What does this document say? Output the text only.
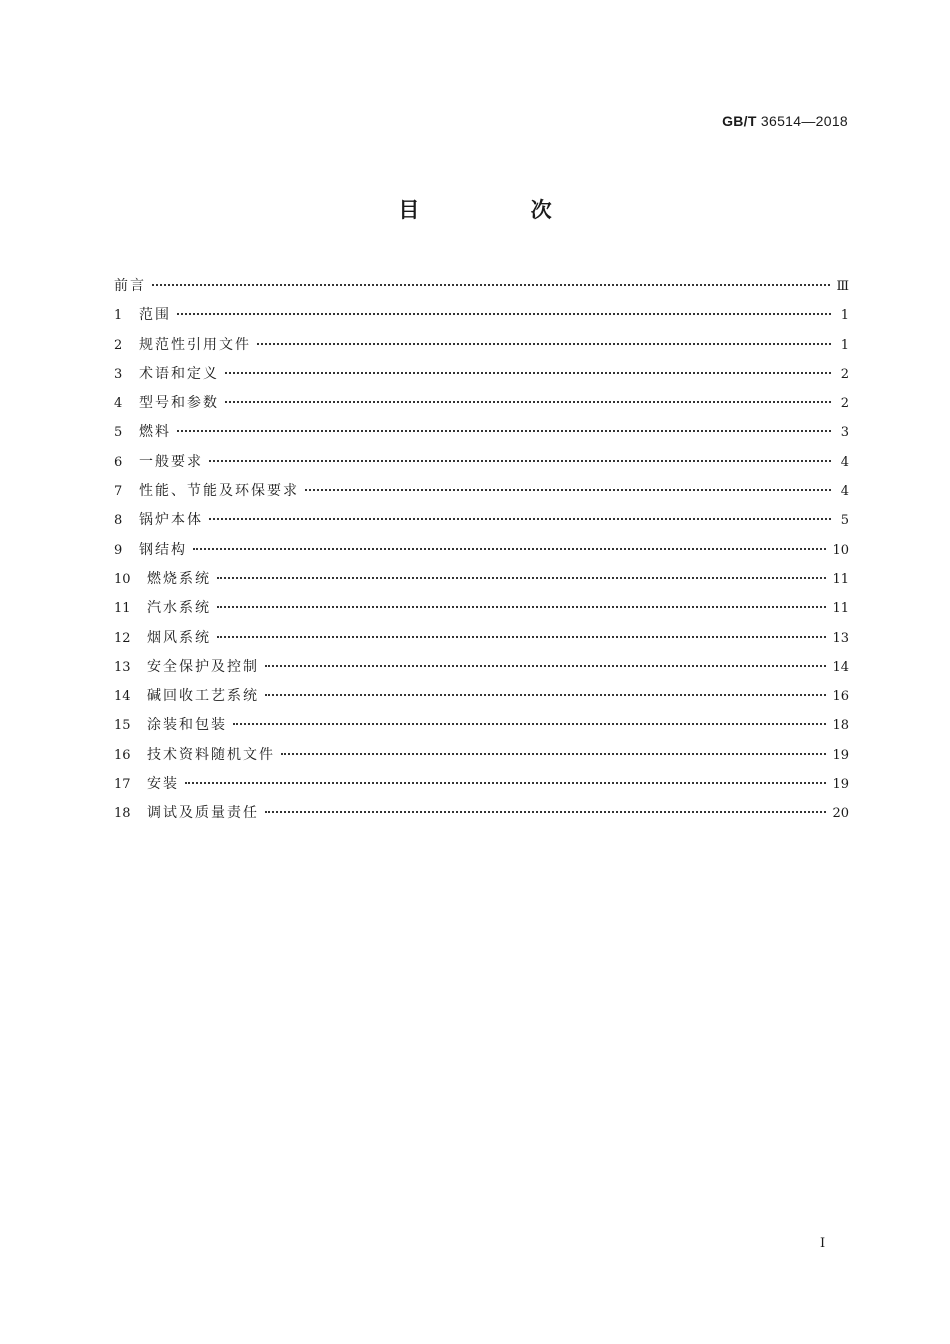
GB/T 36514—2018
目 次
前言	Ⅲ
1	范围	1
2	规范性引用文件	1
3	术语和定义	2
4	型号和参数	2
5	燃料	3
6	一般要求	4
7	性能、节能及环保要求	4
8	锅炉本体	5
9	钢结构	10
10	燃烧系统	11
11	汽水系统	11
12	烟风系统	13
13	安全保护及控制	14
14	碱回收工艺系统	16
15	涂装和包装	18
16	技术资料随机文件	19
17	安装	19
18	调试及质量责任	20
I
